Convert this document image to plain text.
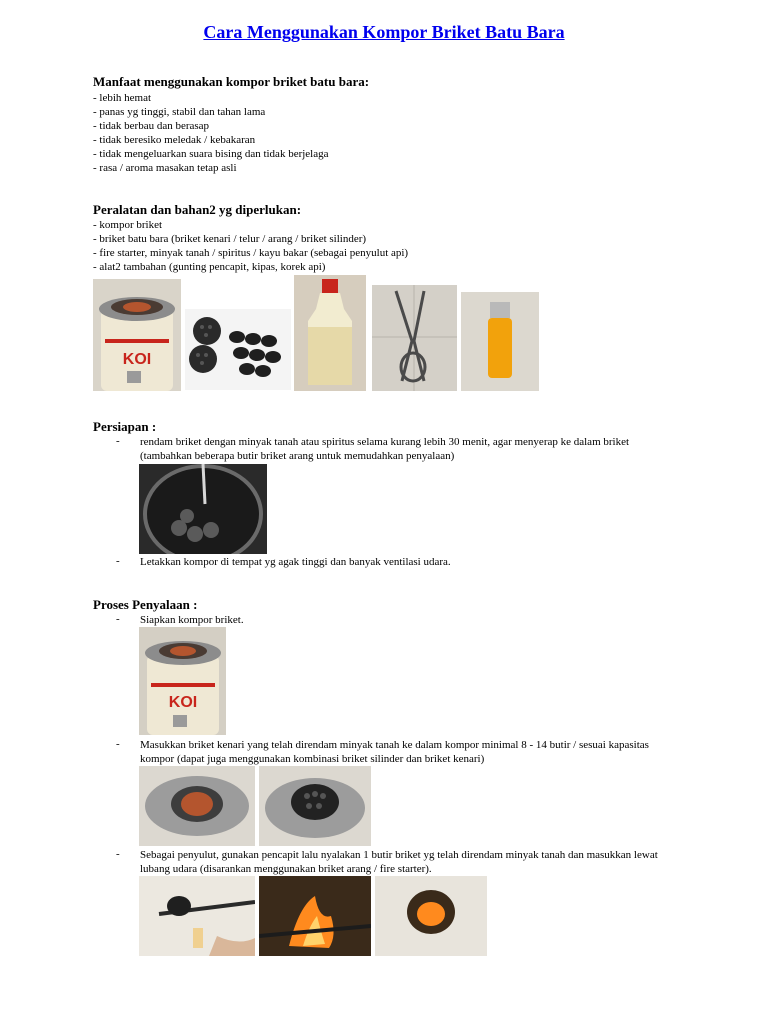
Cara Menggunakan Kompor Briket Batu Bara
Manfaat menggunakan kompor briket batu bara:
- lebih hemat
- panas yg tinggi, stabil dan tahan lama
- tidak berbau dan berasap
- tidak beresiko meledak / kebakaran
- tidak mengeluarkan suara bising dan tidak berjelaga
- rasa / aroma masakan tetap asli
Peralatan dan bahan2 yg diperlukan:
- kompor briket
- briket batu bara (briket kenari / telur / arang / briket silinder)
- fire starter, minyak tanah / spiritus / kayu bakar (sebagai penyulut api)
- alat2 tambahan (gunting pencapit, kipas, korek api)
KOI
Persiapan :
- rendam briket dengan minyak tanah atau spiritus selama kurang lebih 30 menit, agar menyerap ke dalam briket (tambahkan beberapa butir briket arang untuk memudahkan penyalaan)
- Letakkan kompor di tempat yg agak tinggi dan banyak ventilasi udara.
Proses Penyalaan :
- Siapkan kompor briket.
KOI
- Masukkan briket kenari yang telah direndam minyak tanah ke dalam kompor minimal 8 - 14 butir / sesuai kapasitas kompor (dapat juga menggunakan kombinasi briket silinder dan briket kenari)
- Sebagai penyulut, gunakan pencapit lalu nyalakan 1 butir briket yg telah direndam minyak tanah dan masukkan lewat lubang udara (disarankan menggunakan briket arang / fire starter).
